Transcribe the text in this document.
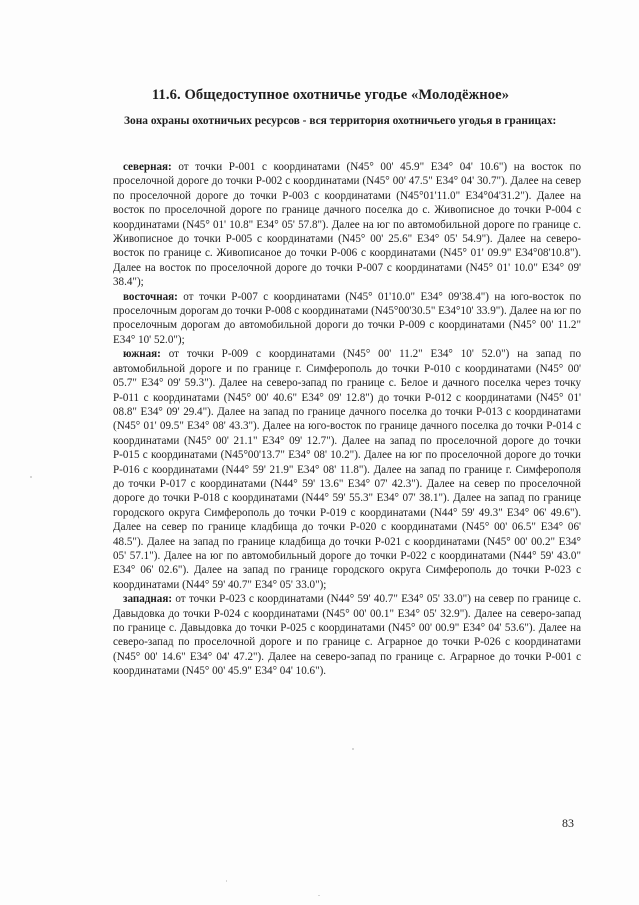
11.6. Общедоступное охотничье угодье «Молодёжное»
Зона охраны охотничьих ресурсов - вся территория охотничьего угодья в границах:

северная: от точки Р-001 с координатами (N45° 00' 45.9" Е34° 04' 10.6") на восток по проселочной дороге до точки Р-002 с координатами (N45° 00' 47.5" Е34° 04' 30.7"). Далее на север по проселочной дороге до точки Р-003 с координатами (N45°01'11.0" Е34°04'31.2"). Далее на восток по проселочной дороге по границе дачного поселка до с. Живописное до точки Р-004 с координатами (N45° 01' 10.8" Е34° 05' 57.8"). Далее на юг по автомобильной дороге по границе с. Живописное до точки Р-005 с координатами (N45° 00' 25.6" Е34° 05' 54.9"). Далее на северо-восток по границе с. Живописаное до точки Р-006 с координатами (N45° 01' 09.9" Е34°08'10.8"). Далее на восток по проселочной дороге до точки Р-007 с координатами (N45° 01' 10.0" Е34° 09' 38.4");

восточная: от точки Р-007 с координатами (N45° 01'10.0" Е34° 09'38.4") на юго-восток по проселочным дорогам до точки Р-008 с координатами (N45°00'30.5" Е34°10' 33.9"). Далее на юг по проселочным дорогам до автомобильной дороги до точки Р-009 с координатами (N45° 00' 11.2" Е34° 10' 52.0");

южная: от точки Р-009 с координатами (N45° 00' 11.2" Е34° 10' 52.0") на запад по автомобильной дороге и по границе г. Симферополь до точки Р-010 с координатами (N45° 00' 05.7" Е34° 09' 59.3"). Далее на северо-запад по границе с. Белое и дачного поселка через точку Р-011 с координатами (N45° 00' 40.6" Е34° 09' 12.8") до точки Р-012 с координатами (N45° 01' 08.8" Е34° 09' 29.4"). Далее на запад по границе дачного поселка до точки Р-013 с координатами (N45° 01' 09.5" Е34° 08' 43.3"). Далее на юго-восток по границе дачного поселка до точки Р-014 с координатами (N45° 00' 21.1" Е34° 09' 12.7"). Далее на запад по проселочной дороге до точки Р-015 с координатами (N45°00'13.7" Е34° 08' 10.2"). Далее на юг по проселочной дороге до точки Р-016 с координатами (N44° 59' 21.9" Е34° 08' 11.8"). Далее на запад по границе г. Симферополя до точки Р-017 с координатами (N44° 59' 13.6" Е34° 07' 42.3"). Далее на север по проселочной дороге до точки Р-018 с координатами (N44° 59' 55.3" Е34° 07' 38.1"). Далее на запад по границе городского округа Симферополь до точки Р-019 с координатами (N44° 59' 49.3" Е34° 06' 49.6"). Далее на север по границе кладбища до точки Р-020 с координатами (N45° 00' 06.5" Е34° 06' 48.5"). Далее на запад по границе кладбища до точки Р-021 с координатами (N45° 00' 00.2" Е34° 05' 57.1"). Далее на юг по автомобильный дороге до точки Р-022 с координатами (N44° 59' 43.0" Е34° 06' 02.6"). Далее на запад по границе городского округа Симферополь до точки Р-023 с координатами (N44° 59' 40.7" Е34° 05' 33.0");

западная: от точки Р-023 с координатами (N44° 59' 40.7" Е34° 05' 33.0") на север по границе с. Давыдовка до точки Р-024 с координатами (N45° 00' 00.1" Е34° 05' 32.9"). Далее на северо-запад по границе с. Давыдовка до точки Р-025 с координатами (N45° 00' 00.9" Е34° 04' 53.6"). Далее на северо-запад по проселочной дороге и по границе с. Аграрное до точки Р-026 с координатами (N45° 00' 14.6" Е34° 04' 47.2"). Далее на северо-запад по границе с. Аграрное до точки Р-001 с координатами (N45° 00' 45.9" Е34° 04' 10.6").

83
